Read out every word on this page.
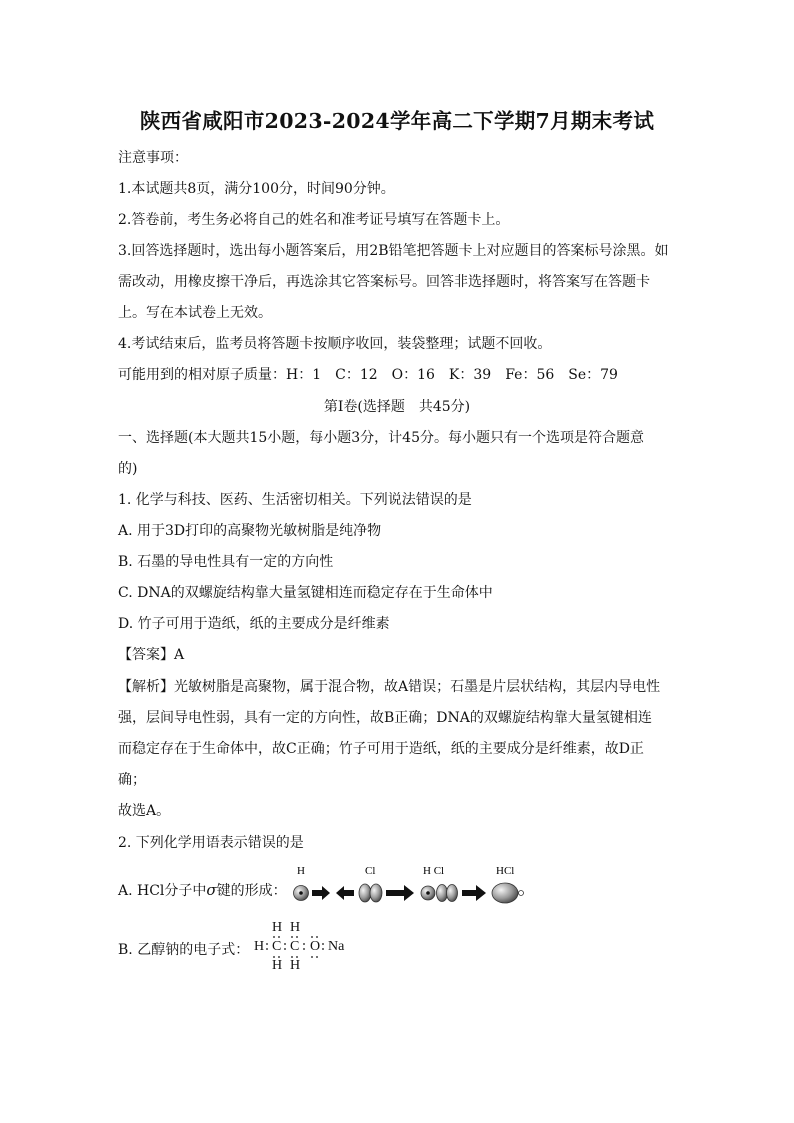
陕西省咸阳市2023-2024学年高二下学期7月期末考试
注意事项：
1.本试题共8页，满分100分，时间90分钟。
2.答卷前，考生务必将自己的姓名和准考证号填写在答题卡上。
3.回答选择题时，选出每小题答案后，用2B铅笔把答题卡上对应题目的答案标号涂黑。如
需改动，用橡皮擦干净后，再选涂其它答案标号。回答非选择题时，将答案写在答题卡
上。写在本试卷上无效。
4.考试结束后，监考员将答题卡按顺序收回，装袋整理；试题不回收。
可能用到的相对原子质量：H：1　C：12　O：16　K：39　Fe：56　Se：79
第Ⅰ卷(选择题　共45分)
一、选择题(本大题共15小题，每小题3分，计45分。每小题只有一个选项是符合题意
的)
1. 化学与科技、医药、生活密切相关。下列说法错误的是
A. 用于3D打印的高聚物光敏树脂是纯净物
B. 石墨的导电性具有一定的方向性
C. DNA的双螺旋结构靠大量氢键相连而稳定存在于生命体中
D. 竹子可用于造纸，纸的主要成分是纤维素
【答案】A
【解析】光敏树脂是高聚物，属于混合物，故A错误；石墨是片层状结构，其层内导电性
强，层间导电性弱，具有一定的方向性，故B正确；DNA的双螺旋结构靠大量氢键相连
而稳定存在于生命体中，故C正确；竹子可用于造纸，纸的主要成分是纤维素，故D正
确；
故选A。
2. 下列化学用语表示错误的是
A. HCl分子中σ键的形成：
H	Cl	H Cl	HCl
B. 乙醇钠的电子式：
H H
H C C O Na
H H
